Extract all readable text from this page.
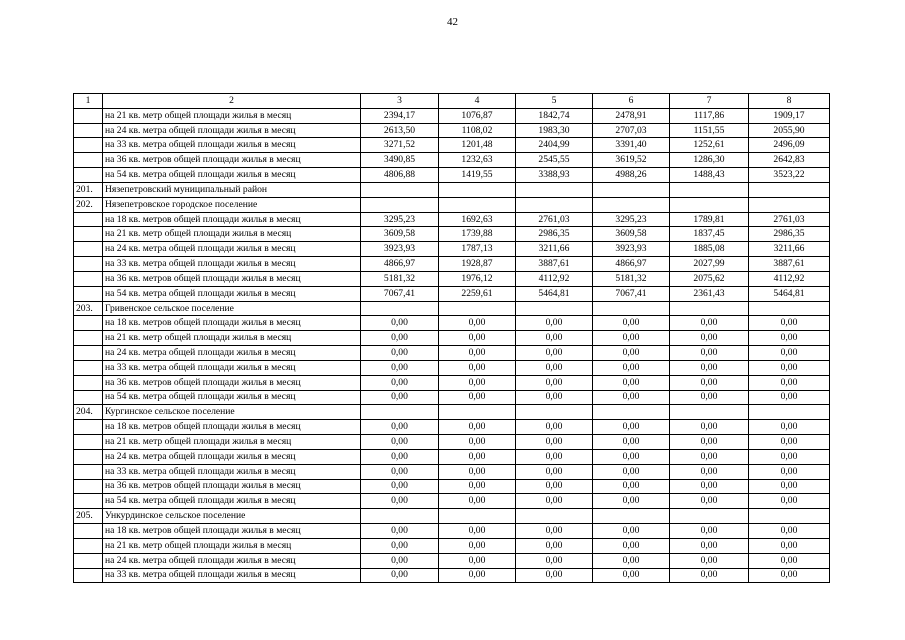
42
1	2	3	4	5	6	7	8
	на 21 кв. метр общей площади жилья в месяц	2394,17	1076,87	1842,74	2478,91	1117,86	1909,17
	на 24 кв. метра общей площади жилья в месяц	2613,50	1108,02	1983,30	2707,03	1151,55	2055,90
	на 33 кв. метра общей площади жилья в месяц	3271,52	1201,48	2404,99	3391,40	1252,61	2496,09
	на 36 кв. метров общей площади жилья в месяц	3490,85	1232,63	2545,55	3619,52	1286,30	2642,83
	на 54 кв. метра общей площади жилья в месяц	4806,88	1419,55	3388,93	4988,26	1488,43	3523,22
201.	Нязепетровский муниципальный район						
202.	Нязепетровское городское поселение						
	на 18 кв. метров общей площади жилья в месяц	3295,23	1692,63	2761,03	3295,23	1789,81	2761,03
	на 21 кв. метр общей площади жилья в месяц	3609,58	1739,88	2986,35	3609,58	1837,45	2986,35
	на 24 кв. метра общей площади жилья в месяц	3923,93	1787,13	3211,66	3923,93	1885,08	3211,66
	на 33 кв. метра общей площади жилья в месяц	4866,97	1928,87	3887,61	4866,97	2027,99	3887,61
	на 36 кв. метров общей площади жилья в месяц	5181,32	1976,12	4112,92	5181,32	2075,62	4112,92
	на 54 кв. метра общей площади жилья в месяц	7067,41	2259,61	5464,81	7067,41	2361,43	5464,81
203.	Гривенское сельское поселение						
	на 18 кв. метров общей площади жилья в месяц	0,00	0,00	0,00	0,00	0,00	0,00
	на 21 кв. метр общей площади жилья в месяц	0,00	0,00	0,00	0,00	0,00	0,00
	на 24 кв. метра общей площади жилья в месяц	0,00	0,00	0,00	0,00	0,00	0,00
	на 33 кв. метра общей площади жилья в месяц	0,00	0,00	0,00	0,00	0,00	0,00
	на 36 кв. метров общей площади жилья в месяц	0,00	0,00	0,00	0,00	0,00	0,00
	на 54 кв. метра общей площади жилья в месяц	0,00	0,00	0,00	0,00	0,00	0,00
204.	Кургинское сельское поселение						
	на 18 кв. метров общей площади жилья в месяц	0,00	0,00	0,00	0,00	0,00	0,00
	на 21 кв. метр общей площади жилья в месяц	0,00	0,00	0,00	0,00	0,00	0,00
	на 24 кв. метра общей площади жилья в месяц	0,00	0,00	0,00	0,00	0,00	0,00
	на 33 кв. метра общей площади жилья в месяц	0,00	0,00	0,00	0,00	0,00	0,00
	на 36 кв. метров общей площади жилья в месяц	0,00	0,00	0,00	0,00	0,00	0,00
	на 54 кв. метра общей площади жилья в месяц	0,00	0,00	0,00	0,00	0,00	0,00
205.	Ункурдинское сельское поселение						
	на 18 кв. метров общей площади жилья в месяц	0,00	0,00	0,00	0,00	0,00	0,00
	на 21 кв. метр общей площади жилья в месяц	0,00	0,00	0,00	0,00	0,00	0,00
	на 24 кв. метра общей площади жилья в месяц	0,00	0,00	0,00	0,00	0,00	0,00
	на 33 кв. метра общей площади жилья в месяц	0,00	0,00	0,00	0,00	0,00	0,00
